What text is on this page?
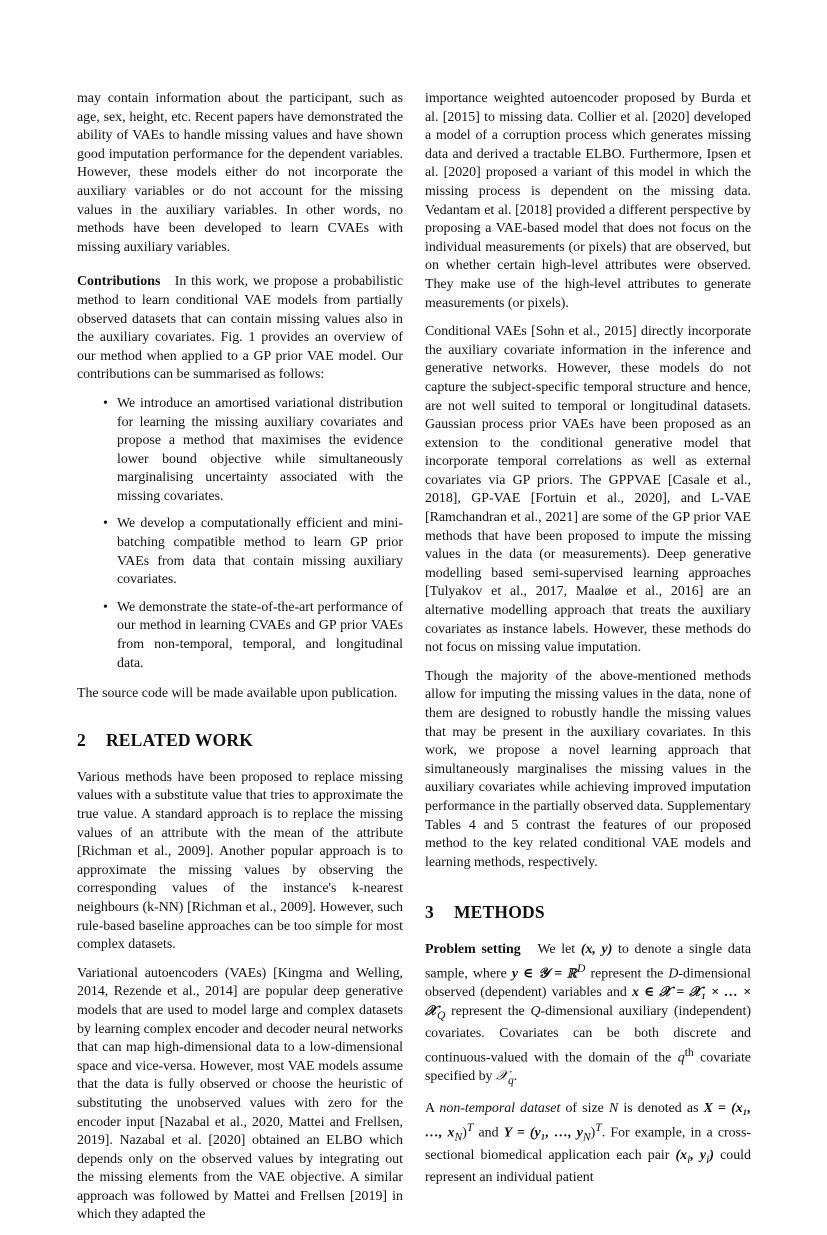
may contain information about the participant, such as age, sex, height, etc. Recent papers have demonstrated the ability of VAEs to handle missing values and have shown good imputation performance for the dependent variables. However, these models either do not incorporate the auxiliary variables or do not account for the missing values in the auxiliary variables. In other words, no methods have been developed to learn CVAEs with missing auxiliary variables.

Contributions In this work, we propose a probabilistic method to learn conditional VAE models from partially observed datasets that can contain missing values also in the auxiliary covariates. Fig. 1 provides an overview of our method when applied to a GP prior VAE model. Our contributions can be summarised as follows:

• We introduce an amortised variational distribution for learning the missing auxiliary covariates and propose a method that maximises the evidence lower bound objective while simultaneously marginalising uncertainty associated with the missing covariates.
• We develop a computationally efficient and mini-batching compatible method to learn GP prior VAEs from data that contain missing auxiliary covariates.
• We demonstrate the state-of-the-art performance of our method in learning CVAEs and GP prior VAEs from non-temporal, temporal, and longitudinal data.

The source code will be made available upon publication.

2 RELATED WORK

Various methods have been proposed to replace missing values with a substitute value that tries to approximate the true value. A standard approach is to replace the missing values of an attribute with the mean of the attribute [Richman et al., 2009]. Another popular approach is to approximate the missing values by observing the corresponding values of the instance's k-nearest neighbours (k-NN) [Richman et al., 2009]. However, such rule-based baseline approaches can be too simple for most complex datasets.

Variational autoencoders (VAEs) [Kingma and Welling, 2014, Rezende et al., 2014] are popular deep generative models that are used to model large and complex datasets by learning complex encoder and decoder neural networks that can map high-dimensional data to a low-dimensional space and vice-versa. However, most VAE models assume that the data is fully observed or choose the heuristic of substituting the unobserved values with zero for the encoder input [Nazabal et al., 2020, Mattei and Frellsen, 2019]. Nazabal et al. [2020] obtained an ELBO which depends only on the observed values by integrating out the missing elements from the VAE objective. A similar approach was followed by Mattei and Frellsen [2019] in which they adapted the

importance weighted autoencoder proposed by Burda et al. [2015] to missing data. Collier et al. [2020] developed a model of a corruption process which generates missing data and derived a tractable ELBO. Furthermore, Ipsen et al. [2020] proposed a variant of this model in which the missing process is dependent on the missing data. Vedantam et al. [2018] provided a different perspective by proposing a VAE-based model that does not focus on the individual measurements (or pixels) that are observed, but on whether certain high-level attributes were observed. They make use of the high-level attributes to generate measurements (or pixels).

Conditional VAEs [Sohn et al., 2015] directly incorporate the auxiliary covariate information in the inference and generative networks. However, these models do not capture the subject-specific temporal structure and hence, are not well suited to temporal or longitudinal datasets. Gaussian process prior VAEs have been proposed as an extension to the conditional generative model that incorporate temporal correlations as well as external covariates via GP priors. The GPPVAE [Casale et al., 2018], GP-VAE [Fortuin et al., 2020], and L-VAE [Ramchandran et al., 2021] are some of the GP prior VAE methods that have been proposed to impute the missing values in the data (or measurements). Deep generative modelling based semi-supervised learning approaches [Tulyakov et al., 2017, Maaløe et al., 2016] are an alternative modelling approach that treats the auxiliary covariates as instance labels. However, these methods do not focus on missing value imputation.

Though the majority of the above-mentioned methods allow for imputing the missing values in the data, none of them are designed to robustly handle the missing values that may be present in the auxiliary covariates. In this work, we propose a novel learning approach that simultaneously marginalises the missing values in the auxiliary covariates while achieving improved imputation performance in the partially observed data. Supplementary Tables 4 and 5 contrast the features of our proposed method to the key related conditional VAE models and learning methods, respectively.

3 METHODS

Problem setting We let (x, y) to denote a single data sample, where y ∈ 𝒴 = ℝ$^D$ represent the D-dimensional observed (dependent) variables and x ∈ 𝒳 = 𝒳₁ × … × 𝒳$_Q$ represent the Q-dimensional auxiliary (independent) covariates. Covariates can be both discrete and continuous-valued with the domain of the $q^{th}$ covariate specified by 𝒳$_q$.

A non-temporal dataset of size N is denoted as X = (x₁, …, $x_N)^T$ and Y = (y₁, …, $y_N)^T$. For example, in a cross-sectional biomedical application each pair ($x_i$, $y_i$) could represent an individual patient
